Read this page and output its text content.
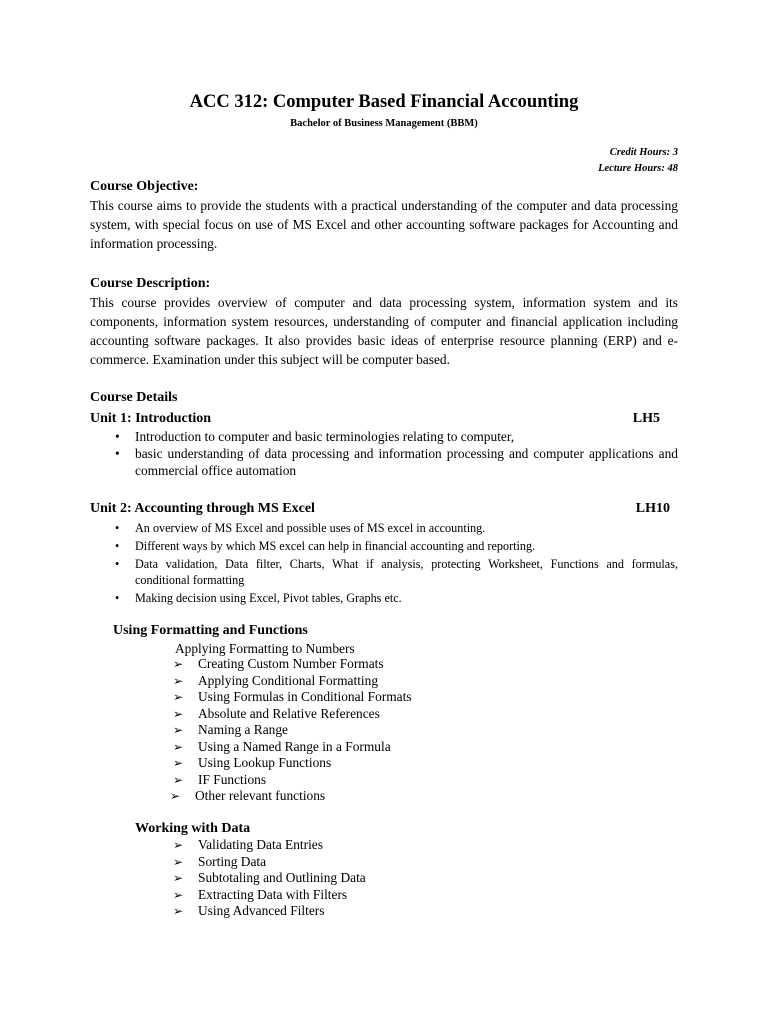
ACC 312: Computer Based Financial Accounting
Bachelor of Business Management (BBM)
Credit Hours: 3
Lecture Hours: 48
Course Objective:

This course aims to provide the students with a practical understanding of the computer and data processing system, with special focus on use of MS Excel and other accounting software packages for Accounting and information processing.

Course Description:

This course provides overview of computer and data processing system, information system and its components, information system resources, understanding of computer and financial application including accounting software packages. It also provides basic ideas of enterprise resource planning (ERP) and e-commerce. Examination under this subject will be computer based.

Course Details
Unit 1: Introduction	LH5
• Introduction to computer and basic terminologies relating to computer,
• basic understanding of data processing and information processing and computer applications and commercial office automation
Unit 2: Accounting through MS Excel	LH10
• An overview of MS Excel and possible uses of MS excel in accounting.
• Different ways by which MS excel can help in financial accounting and reporting.
• Data validation, Data filter, Charts, What if analysis, protecting Worksheet, Functions and formulas, conditional formatting
• Making decision using Excel, Pivot tables, Graphs etc.
Using Formatting and Functions
Applying Formatting to Numbers
➢ Creating Custom Number Formats
➢ Applying Conditional Formatting
➢ Using Formulas in Conditional Formats
➢ Absolute and Relative References
➢ Naming a Range
➢ Using a Named Range in a Formula
➢ Using Lookup Functions
➢ IF Functions
➢ Other relevant functions
Working with Data
➢ Validating Data Entries
➢ Sorting Data
➢ Subtotaling and Outlining Data
➢ Extracting Data with Filters
➢ Using Advanced Filters
